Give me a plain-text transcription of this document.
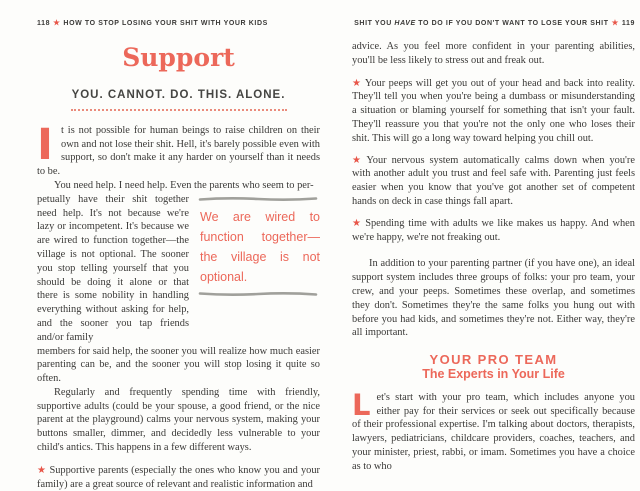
118 ★ HOW TO STOP LOSING YOUR SHIT WITH YOUR KIDS
Support
YOU. CANNOT. DO. THIS. ALONE.

It is not possible for human beings to raise children on their own and not lose their shit. Hell, it's barely possible even with support, so don't make it any harder on yourself than it needs to be.

You need help. I need help. Even the parents who seem to per-

petually have their shit together need help. It's not because we're lazy or incompetent. It's because we are wired to function together—the village is not optional. The sooner you stop telling yourself that you should be doing it alone or that there is some nobility in handling everything without asking for help, and the sooner you tap friends and/or family

We are wired to function together— the village is not optional.

members for said help, the sooner you will realize how much easier parenting can be, and the sooner you will stop losing it quite so often.

Regularly and frequently spending time with friendly, supportive adults (could be your spouse, a good friend, or the nice parent at the playground) calms your nervous system, making your buttons smaller, dimmer, and decidedly less vulnerable to your child's antics. This happens in a few different ways.

★ Supportive parents (especially the ones who know you and your family) are a great source of relevant and realistic information and

SHIT YOU HAVE TO DO IF YOU DON'T WANT TO LOSE YOUR SHIT ★ 119

advice. As you feel more confident in your parenting abilities, you'll be less likely to stress out and freak out.

★ Your peeps will get you out of your head and back into reality. They'll tell you when you're being a dumbass or misunderstanding a situation or blaming yourself for something that isn't your fault. They'll reassure you that you're not the only one who loses their shit. This will go a long way toward helping you chill out.

★ Your nervous system automatically calms down when you're with another adult you trust and feel safe with. Parenting just feels easier when you know that you've got another set of competent hands on deck in case things fall apart.

★ Spending time with adults we like makes us happy. And when we're happy, we're not freaking out.

In addition to your parenting partner (if you have one), an ideal support system includes three groups of folks: your pro team, your crew, and your peeps. Sometimes these overlap, and sometimes they don't. Sometimes they're the same folks you hung out with before you had kids, and sometimes they're not. Either way, they're all important.

YOUR PRO TEAM
The Experts in Your Life

Let's start with your pro team, which includes anyone you either pay for their services or seek out specifically because of their professional expertise. I'm talking about doctors, therapists, lawyers, pediatricians, childcare providers, coaches, teachers, and your minister, priest, rabbi, or imam. Sometimes you have a choice as to who
